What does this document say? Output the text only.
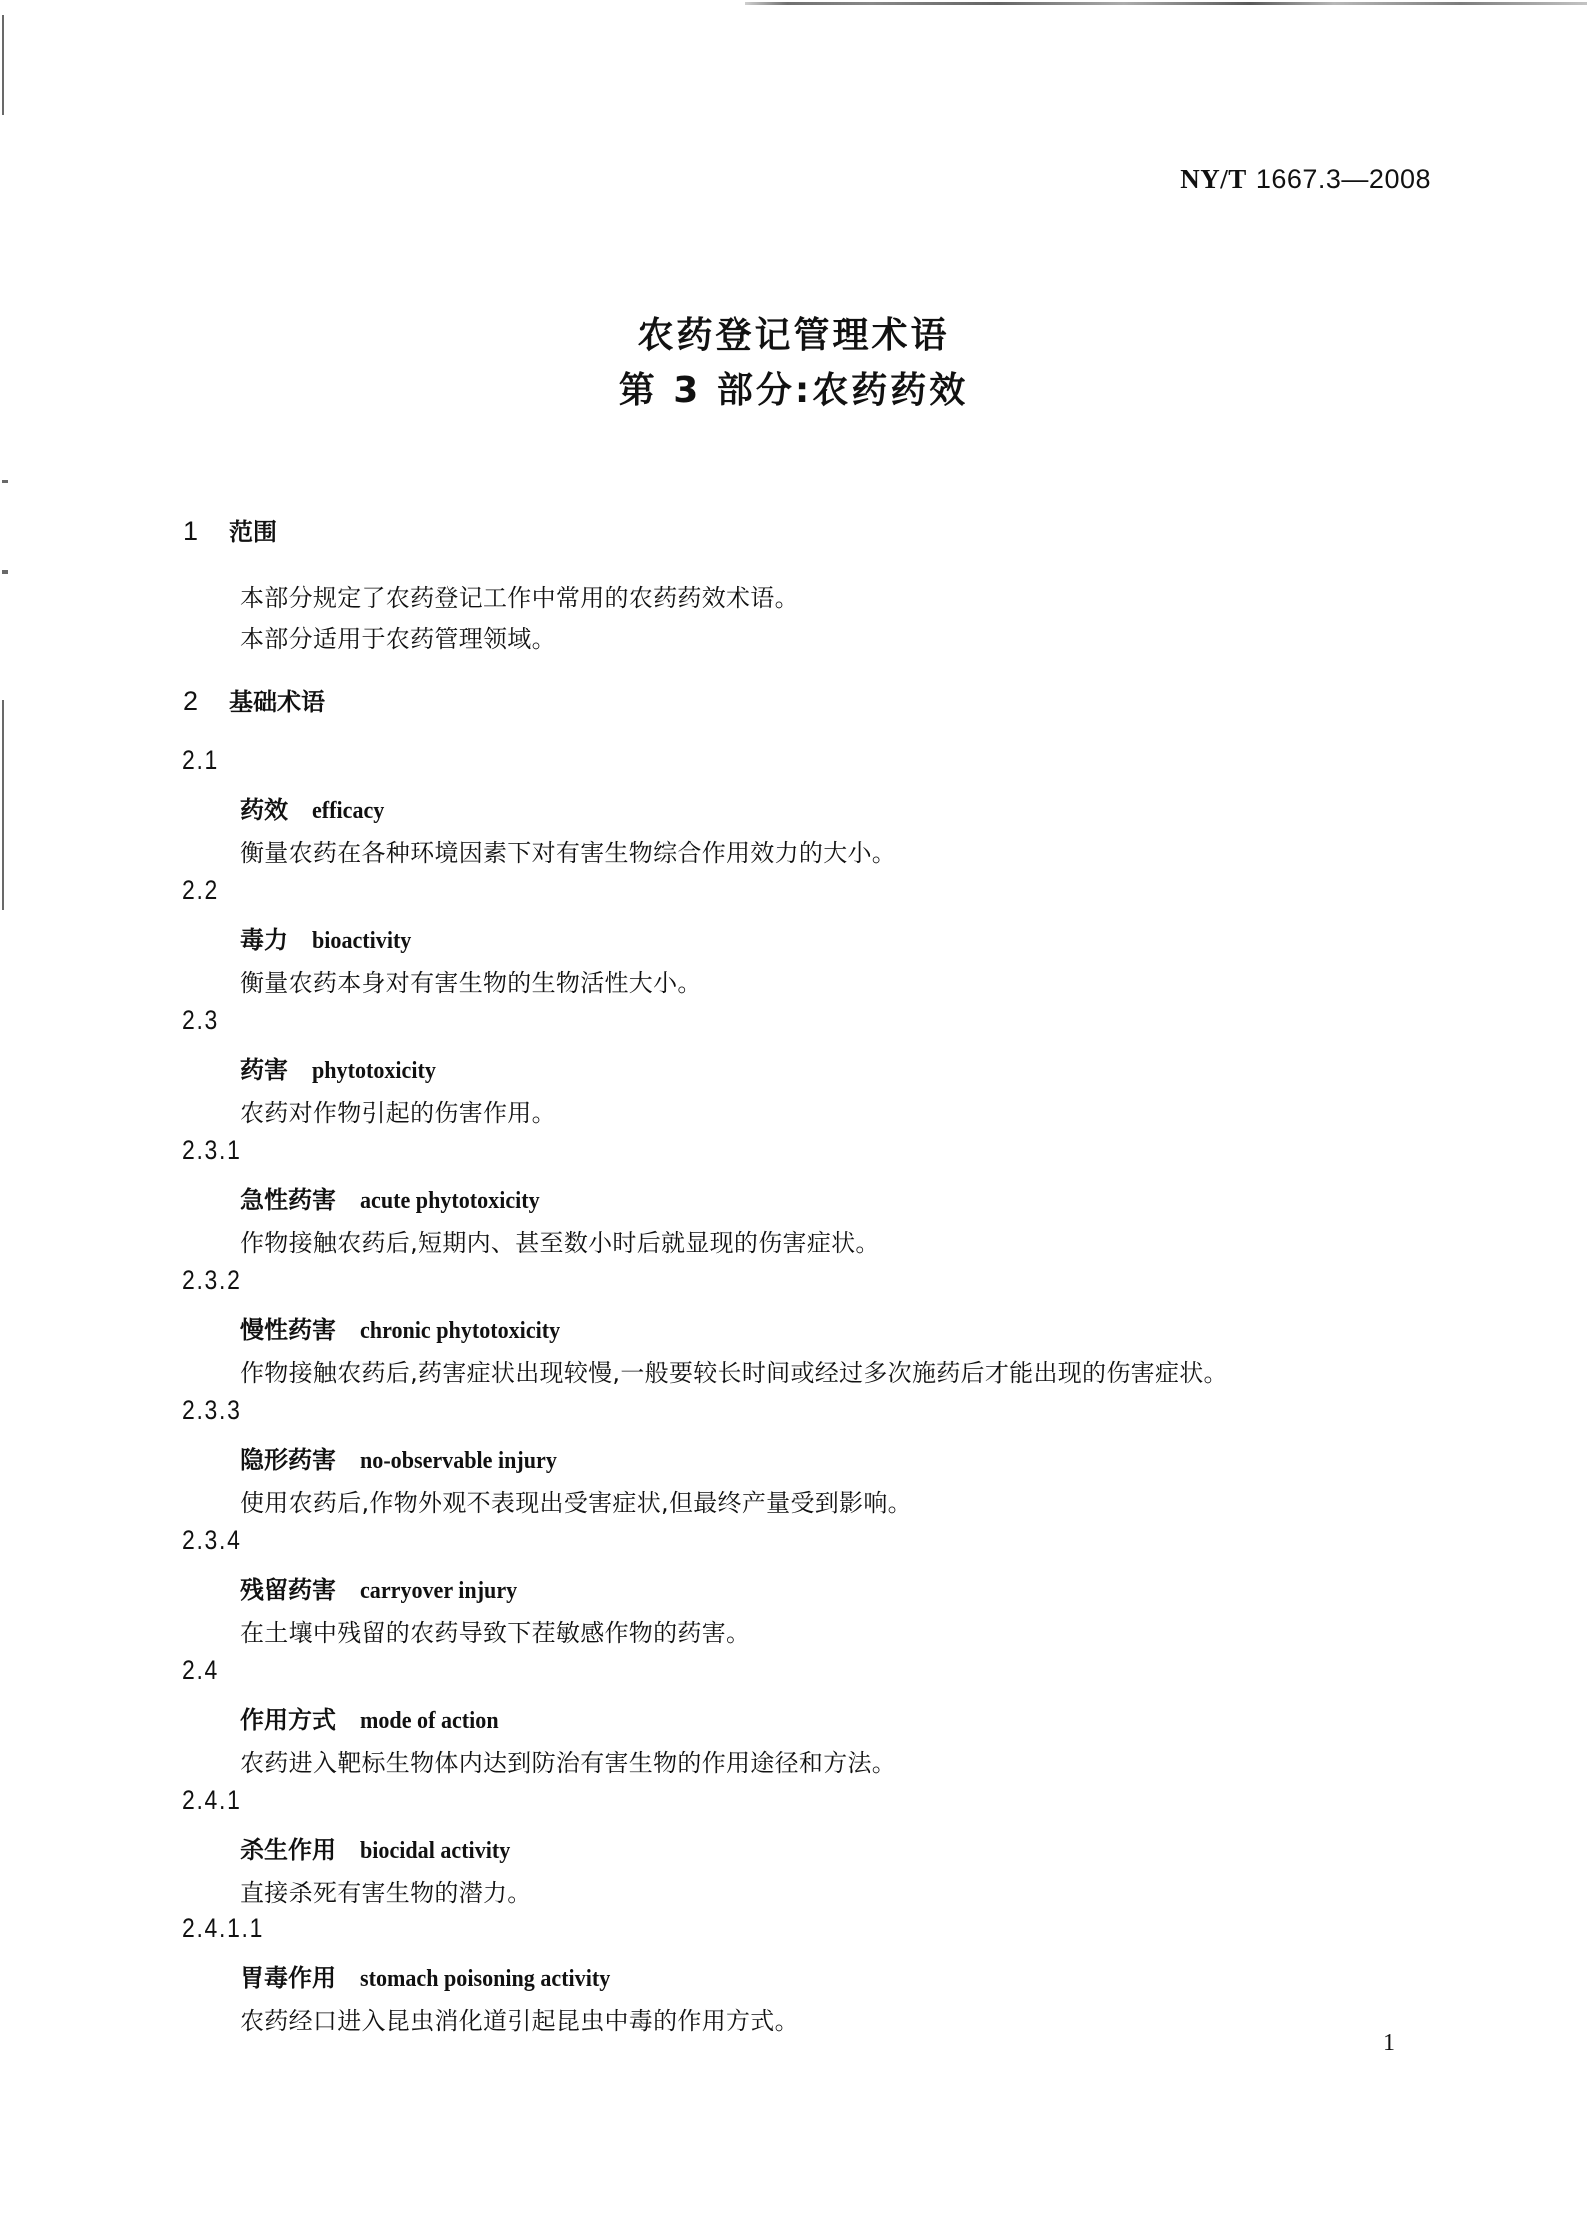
NY/T 1667.3—2008
农药登记管理术语
第 3 部分:农药药效
1 范围
本部分规定了农药登记工作中常用的农药药效术语。
本部分适用于农药管理领域。
2 基础术语
2.1
药效 efficacy
衡量农药在各种环境因素下对有害生物综合作用效力的大小。
2.2
毒力 bioactivity
衡量农药本身对有害生物的生物活性大小。
2.3
药害 phytotoxicity
农药对作物引起的伤害作用。
2.3.1
急性药害 acute phytotoxicity
作物接触农药后,短期内、甚至数小时后就显现的伤害症状。
2.3.2
慢性药害 chronic phytotoxicity
作物接触农药后,药害症状出现较慢,一般要较长时间或经过多次施药后才能出现的伤害症状。
2.3.3
隐形药害 no-observable injury
使用农药后,作物外观不表现出受害症状,但最终产量受到影响。
2.3.4
残留药害 carryover injury
在土壤中残留的农药导致下茬敏感作物的药害。
2.4
作用方式 mode of action
农药进入靶标生物体内达到防治有害生物的作用途径和方法。
2.4.1
杀生作用 biocidal activity
直接杀死有害生物的潜力。
2.4.1.1
胃毒作用 stomach poisoning activity
农药经口进入昆虫消化道引起昆虫中毒的作用方式。
1
